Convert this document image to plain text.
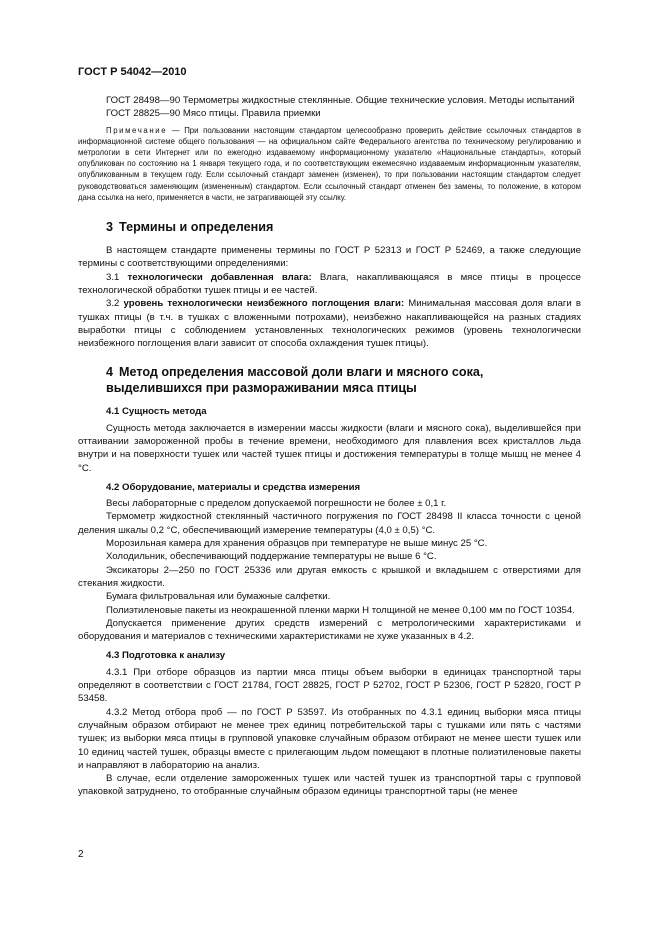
ГОСТ Р 54042—2010

ГОСТ 28498—90 Термометры жидкостные стеклянные. Общие технические условия. Методы испытаний

ГОСТ 28825—90 Мясо птицы. Правила приемки

Примечание — При пользовании настоящим стандартом целесообразно проверить действие ссылочных стандартов в информационной системе общего пользования — на официальном сайте Федерального агентства по техническому регулированию и метрологии в сети Интернет или по ежегодно издаваемому информационному указателю «Национальные стандарты», который опубликован по состоянию на 1 января текущего года, и по соответствующим ежемесячно издаваемым информационным указателям, опубликованным в текущем году. Если ссылочный стандарт заменен (изменен), то при пользовании настоящим стандартом следует руководствоваться заменяющим (измененным) стандартом. Если ссылочный стандарт отменен без замены, то положение, в котором дана ссылка на него, применяется в части, не затрагивающей эту ссылку.

3 Термины и определения

В настоящем стандарте применены термины по ГОСТ Р 52313 и ГОСТ Р 52469, а также следующие термины с соответствующими определениями:

3.1 технологически добавленная влага: Влага, накапливающаяся в мясе птицы в процессе технологической обработки тушек птицы и ее частей.

3.2 уровень технологически неизбежного поглощения влаги: Минимальная массовая доля влаги в тушках птицы (в т.ч. в тушках с вложенными потрохами), неизбежно накапливающейся на разных стадиях выработки птицы с соблюдением установленных технологических режимов (уровень технологически неизбежного поглощения влаги зависит от способа охлаждения тушек птицы).

4 Метод определения массовой доли влаги и мясного сока, выделившихся при размораживании мяса птицы
4.1 Сущность метода

Сущность метода заключается в измерении массы жидкости (влаги и мясного сока), выделившейся при оттаивании замороженной пробы в течение времени, необходимого для плавления всех кристаллов льда внутри и на поверхности тушек или частей тушек птицы и достижения температуры в толще мышц не менее 4 °С.

4.2 Оборудование, материалы и средства измерения

Весы лабораторные с пределом допускаемой погрешности не более ± 0,1 г.

Термометр жидкостной стеклянный частичного погружения по ГОСТ 28498 II класса точности с ценой деления шкалы 0,2 °С, обеспечивающий измерение температуры (4,0 ± 0,5) °С.

Морозильная камера для хранения образцов при температуре не выше минус 25 °С.

Холодильник, обеспечивающий поддержание температуры не выше 6 °С.

Эксикаторы 2—250 по ГОСТ 25336 или другая емкость с крышкой и вкладышем с отверстиями для стекания жидкости.

Бумага фильтровальная или бумажные салфетки.

Полиэтиленовые пакеты из неокрашенной пленки марки Н толщиной не менее 0,100 мм по ГОСТ 10354.

Допускается применение других средств измерений с метрологическими характеристиками и оборудования и материалов с техническими характеристиками не хуже указанных в 4.2.

4.3 Подготовка к анализу

4.3.1 При отборе образцов из партии мяса птицы объем выборки в единицах транспортной тары определяют в соответствии с ГОСТ 21784, ГОСТ 28825, ГОСТ Р 52702, ГОСТ Р 52306, ГОСТ Р 52820, ГОСТ Р 53458.

4.3.2 Метод отбора проб — по ГОСТ Р 53597. Из отобранных по 4.3.1 единиц выборки мяса птицы случайным образом отбирают не менее трех единиц потребительской тары с тушками или пять с частями тушек; из выборки мяса птицы в групповой упаковке случайным образом отбирают не менее шести тушек или 10 единиц частей тушек, образцы вместе с прилегающим льдом помещают в плотные полиэтиленовые пакеты и направляют в лабораторию на анализ.

В случае, если отделение замороженных тушек или частей тушек из транспортной тары с групповой упаковкой затруднено, то отобранные случайным образом единицы транспортной тары (не менее

2
